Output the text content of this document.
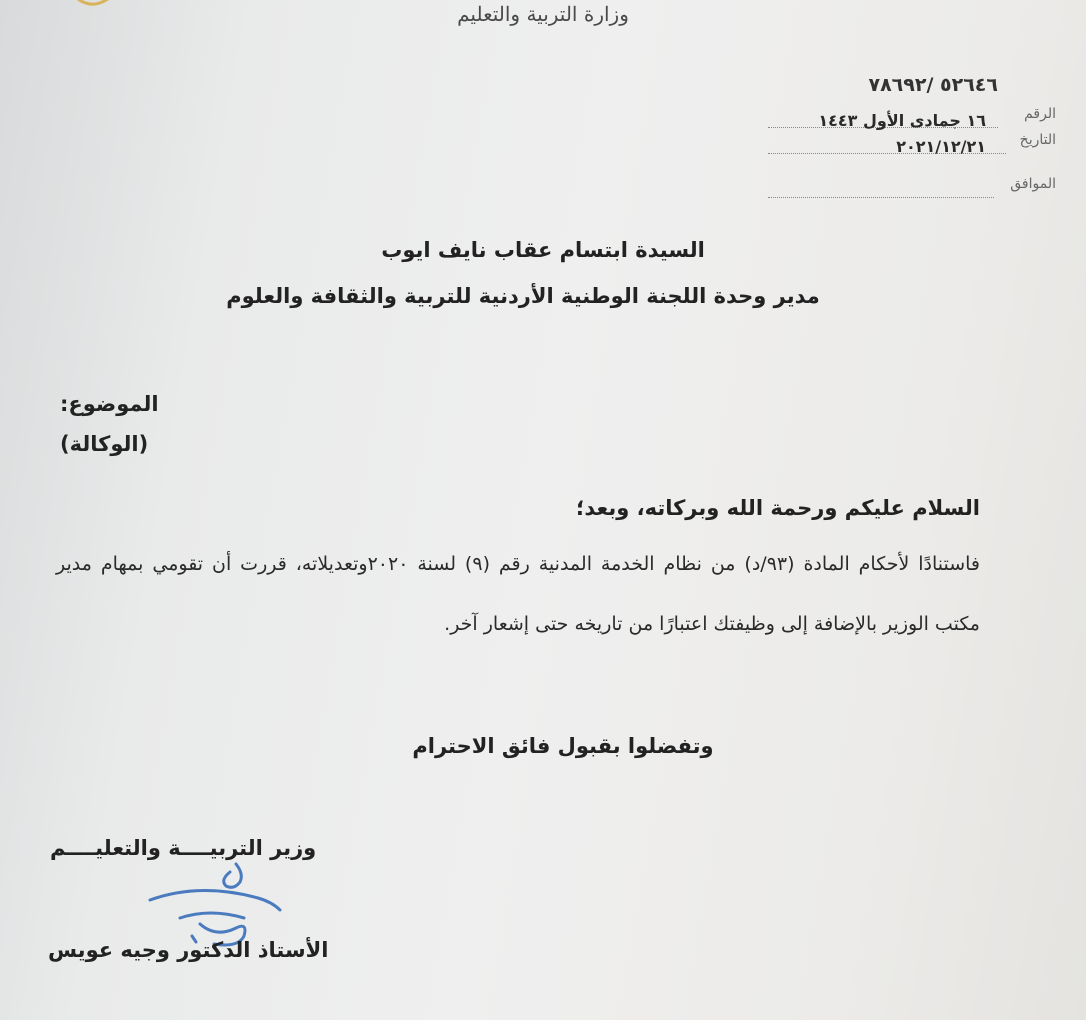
وزارة التربية والتعليم
٥٢٦٤٦ /٧٨٦٩٢
الرقم
١٦ جمادى الأول ١٤٤٣
التاريخ
٢٠٢١/١٢/٢١
الموافق
السيدة ابتسام عقاب نايف ايوب
مدير وحدة اللجنة الوطنية الأردنية للتربية والثقافة والعلوم
الموضوع:
(الوكالة)
السلام عليكم ورحمة الله وبركاته، وبعد؛
فاستنادًا لأحكام المادة (٩٣/د) من نظام الخدمة المدنية رقم (٩) لسنة ٢٠٢٠وتعديلاته، قررت أن تقومي بمهام مدير مكتب الوزير بالإضافة إلى وظيفتك اعتبارًا من تاريخه حتى إشعار آخر.
وتفضلوا بقبول فائق الاحترام
وزير التربيــــة والتعليــــم
الأستاذ الدكتور وجيه عويس
